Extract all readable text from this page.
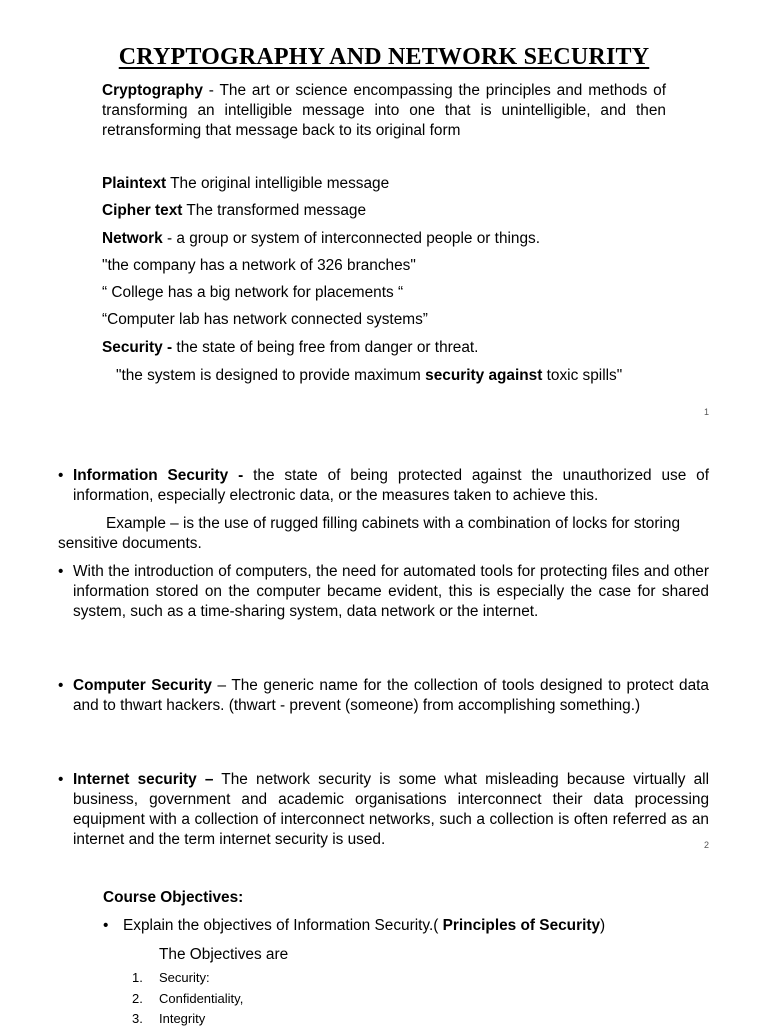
CRYPTOGRAPHY AND NETWORK SECURITY
Cryptography - The art or science encompassing the principles and methods of transforming an intelligible message into one that is unintelligible, and then retransforming that message back to its original form
Plaintext The original intelligible message
Cipher text The transformed message
Network - a group or system of interconnected people or things.
"the company has a network of 326 branches"
“ College has a big network for placements “
“Computer lab has network connected systems”
Security - the state of being free from danger or threat.
"the system is designed to provide maximum security against toxic spills"
1
• Information Security - the state of being protected against the unauthorized use of information, especially electronic data, or the measures taken to achieve this.
Example – is the use of rugged filling cabinets with a combination of locks for storing sensitive documents.
• With the introduction of computers, the need for automated tools for protecting files and other information stored on the computer became evident, this is especially the case for shared system, such as a time-sharing system, data network or the internet.
• Computer Security – The generic name for the collection of tools designed to protect data and to thwart hackers. (thwart - prevent (someone) from accomplishing something.)
• Internet security – The network security is some what misleading because virtually all business, government and academic organisations interconnect their data processing equipment with a collection of interconnect networks, such a collection is often referred as an internet and the term internet security is used.	2
Course Objectives:
• Explain the objectives of Information Security.( Principles of Security)
The Objectives are
1. Security:
2. Confidentiality,
3. Integrity
